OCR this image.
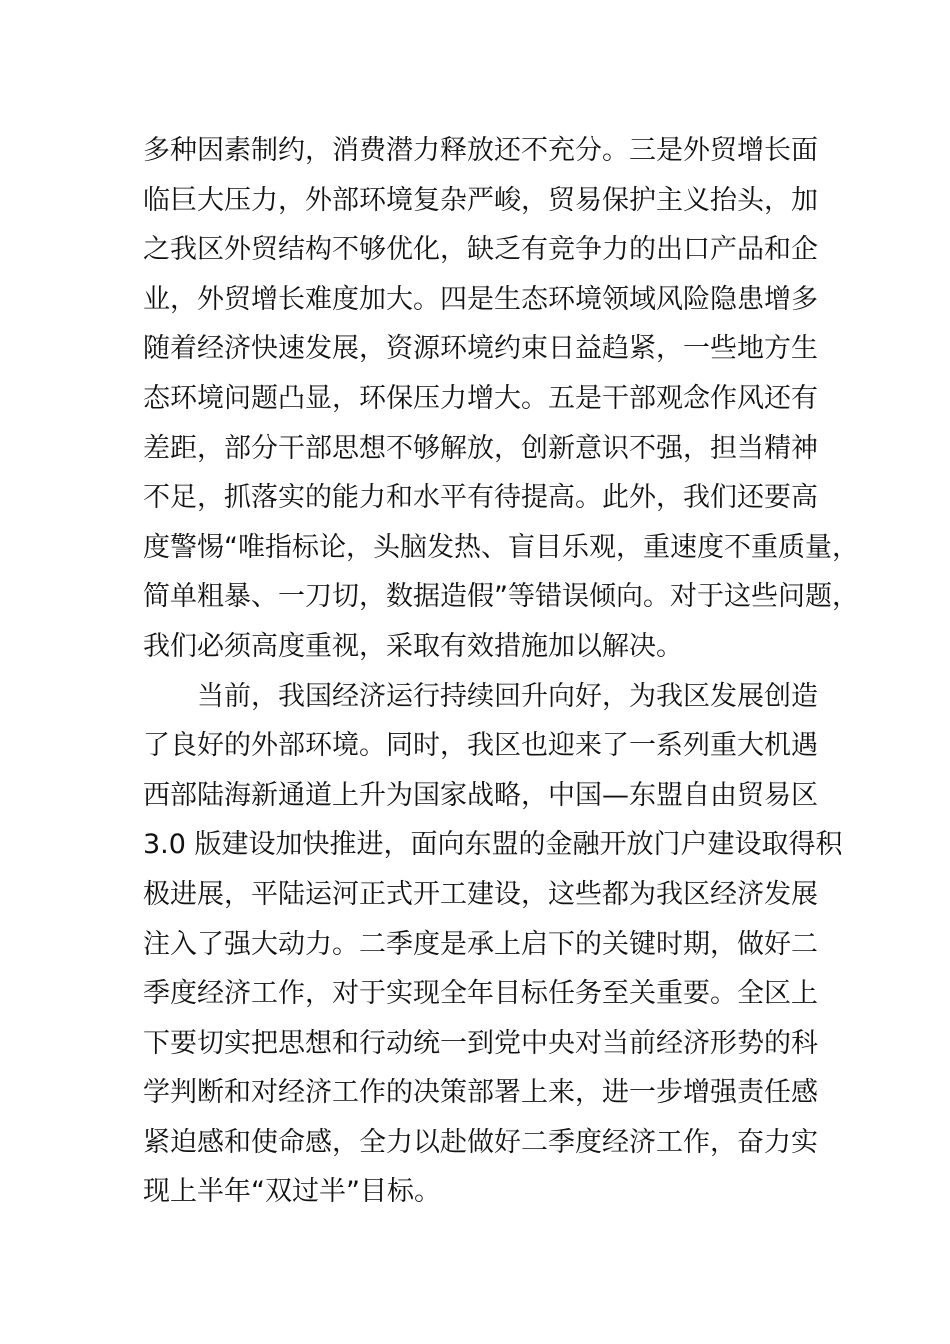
多种因素制约，消费潜力释放还不充分。三是外贸增长面
临巨大压力，外部环境复杂严峻，贸易保护主义抬头，加
之我区外贸结构不够优化，缺乏有竞争力的出口产品和企
业，外贸增长难度加大。四是生态环境领域风险隐患增多
随着经济快速发展，资源环境约束日益趋紧，一些地方生
态环境问题凸显，环保压力增大。五是干部观念作风还有
差距，部分干部思想不够解放，创新意识不强，担当精神
不足，抓落实的能力和水平有待提高。此外，我们还要高
度警惕“唯指标论，头脑发热、盲目乐观，重速度不重质量，
简单粗暴、一刀切，数据造假”等错误倾向。对于这些问题，
我们必须高度重视，采取有效措施加以解决。
　　当前，我国经济运行持续回升向好，为我区发展创造
了良好的外部环境。同时，我区也迎来了一系列重大机遇
西部陆海新通道上升为国家战略，中国—东盟自由贸易区
3.0 版建设加快推进，面向东盟的金融开放门户建设取得积
极进展，平陆运河正式开工建设，这些都为我区经济发展
注入了强大动力。二季度是承上启下的关键时期，做好二
季度经济工作，对于实现全年目标任务至关重要。全区上
下要切实把思想和行动统一到党中央对当前经济形势的科
学判断和对经济工作的决策部署上来，进一步增强责任感
紧迫感和使命感，全力以赴做好二季度经济工作，奋力实
现上半年“双过半”目标。
